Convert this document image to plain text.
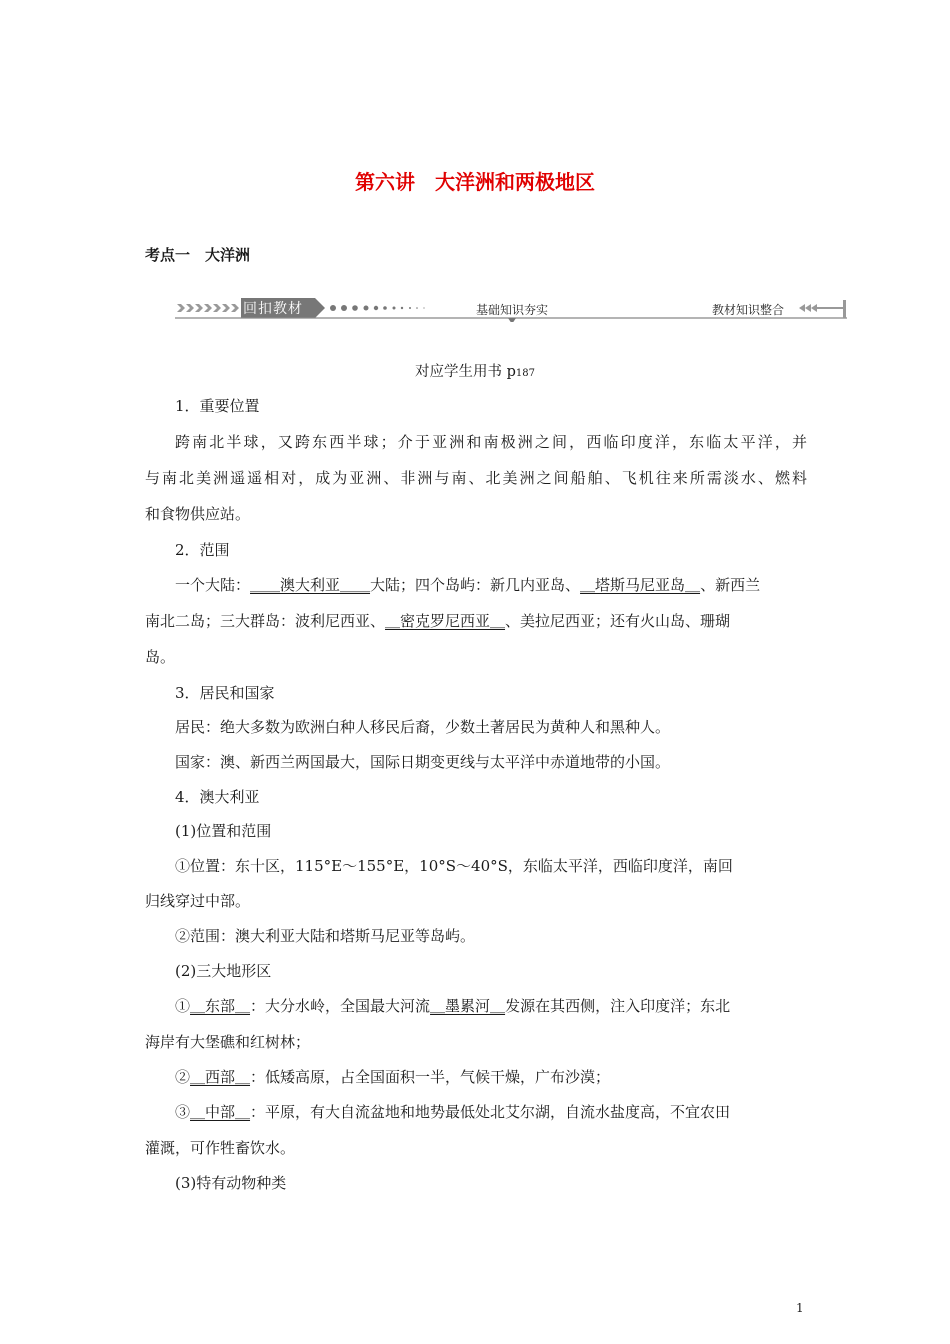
第六讲　大洋洲和两极地区
考点一　大洋洲
回扣教材	基础知识夯实	教材知识整合
对应学生用书 p187
1．重要位置
跨南北半球，又跨东西半球；介于亚洲和南极洲之间，西临印度洋，东临太平洋，并
与南北美洲遥遥相对，成为亚洲、非洲与南、北美洲之间船舶、飞机往来所需淡水、燃料
和食物供应站。
2．范围
一个大陆：＿＿澳大利亚＿＿大陆；四个岛屿：新几内亚岛、＿塔斯马尼亚岛＿、新西兰
南北二岛；三大群岛：波利尼西亚、＿密克罗尼西亚＿、美拉尼西亚；还有火山岛、珊瑚
岛。
3．居民和国家
居民：绝大多数为欧洲白种人移民后裔，少数土著居民为黄种人和黑种人。
国家：澳、新西兰两国最大，国际日期变更线与太平洋中赤道地带的小国。
4．澳大利亚
(1)位置和范围
①位置：东十区，115°E～155°E，10°S～40°S，东临太平洋，西临印度洋，南回
归线穿过中部。
②范围：澳大利亚大陆和塔斯马尼亚等岛屿。
(2)三大地形区
①＿东部＿：大分水岭，全国最大河流＿墨累河＿发源在其西侧，注入印度洋；东北
海岸有大堡礁和红树林；
②＿西部＿：低矮高原，占全国面积一半，气候干燥，广布沙漠；
③＿中部＿：平原，有大自流盆地和地势最低处北艾尔湖，自流水盐度高，不宜农田
灌溉，可作牲畜饮水。
(3)特有动物种类
1
